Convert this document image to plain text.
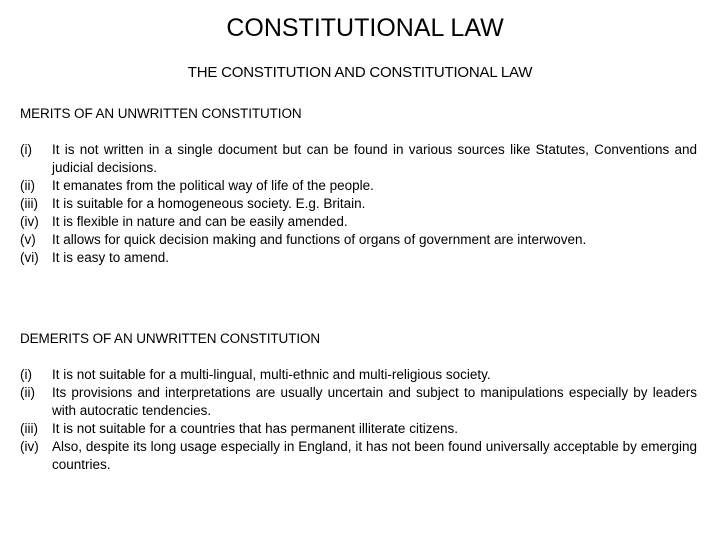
CONSTITUTIONAL LAW
THE CONSTITUTION AND CONSTITUTIONAL LAW
MERITS OF AN UNWRITTEN CONSTITUTION
(i)	It is not written in a single document but can be found in various sources like Statutes, Conventions and judicial decisions.
(ii)	It emanates from the political way of life of the people.
(iii)	It is suitable for a homogeneous society. E.g. Britain.
(iv) It is flexible in nature and can be easily amended.
(v)	It allows for quick decision making and functions of organs of government are interwoven.
(vi) It is easy to amend.
DEMERITS OF AN UNWRITTEN CONSTITUTION
(i)	It is not suitable for a multi-lingual, multi-ethnic and multi-religious society.
(ii)	Its provisions and interpretations are usually uncertain and subject to manipulations especially by leaders with autocratic tendencies.
(iii)	It is not suitable for a countries that has permanent illiterate citizens.
(iv) Also, despite its long usage especially in England, it has not been found universally acceptable by emerging countries.
